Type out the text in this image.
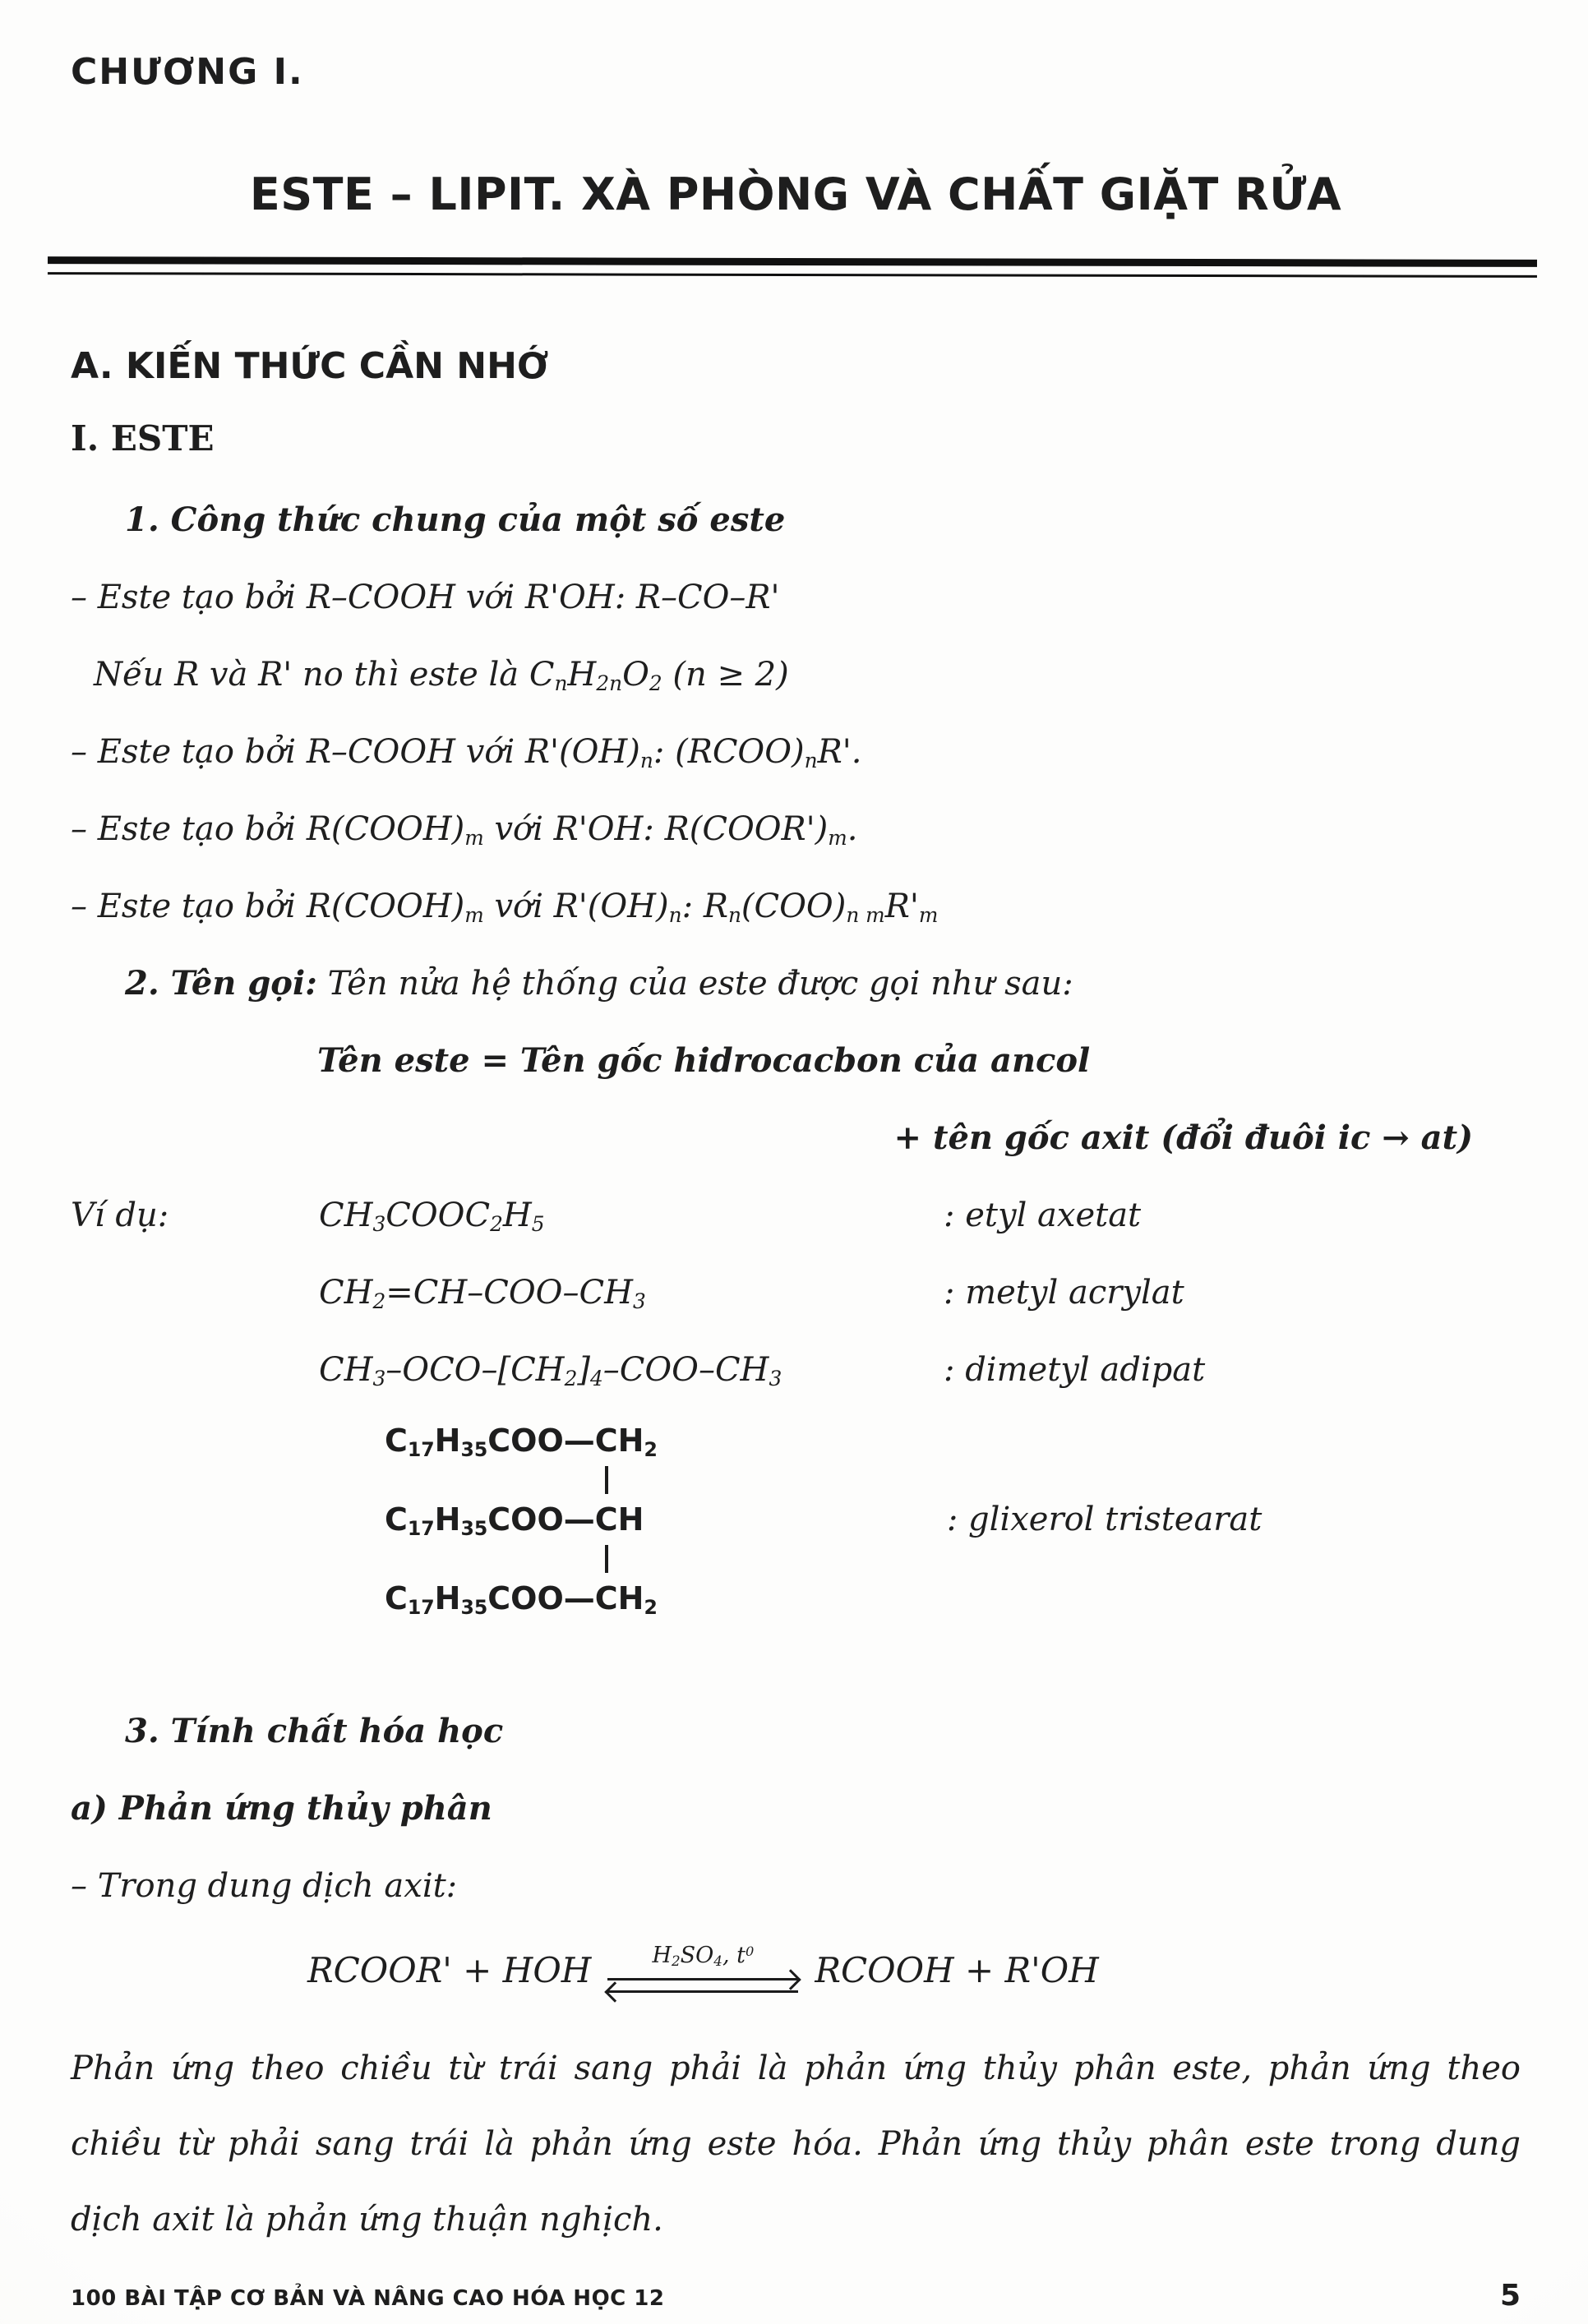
CHƯƠNG I.
ESTE – LIPIT. XÀ PHÒNG VÀ CHẤT GIẶT RỬA
A. KIẾN THỨC CẦN NHỚ
I. ESTE

1. Công thức chung của một số este

– Este tạo bởi R–COOH với R'OH: R–CO–R'

Nếu R và R' no thì este là $C_nH_{2n}O_2$ (n ≥ 2)

– Este tạo bởi R–COOH với $R'(OH)_n$: $(RCOO)_nR'$.

– Este tạo bởi $R(COOH)_m$ với R'OH: $R(COOR')_m$.

– Este tạo bởi $R(COOH)_m$ với $R'(OH)_n$: $R_n(COO)_{n m}R'_m$

2. Tên gọi: Tên nửa hệ thống của este được gọi như sau:

Tên este = Tên gốc hidrocacbon của ancol

+ tên gốc axit (đổi đuôi ic → at)

Ví dụ:	$CH_3COOC_2H_5$	: etyl axetat
$CH_2=CH-COO-CH_3$	: metyl acrylat
$CH_3-OCO-[CH_2]_4-COO-CH_3$	: dimetyl adipat
$C_{17}H_{35}COO—$ $CH_2$
$C_{17}H_{35}COO—$ CH
$C_{17}H_{35}COO—$ $CH_2$
: glixerol tristearat

3. Tính chất hóa học

a) Phản ứng thủy phân

– Trong dung dịch axit:

RCOOR' + HOH	$H_2SO_4$, $t^0$ RCOOH + R'OH

Phản ứng theo chiều từ trái sang phải là phản ứng thủy phân este, phản ứng theo chiều từ phải sang trái là phản ứng este hóa. Phản ứng thủy phân este trong dung dịch axit là phản ứng thuận nghịch.

100 BÀI TẬP CƠ BẢN VÀ NÂNG CAO HÓA HỌC 12	5
